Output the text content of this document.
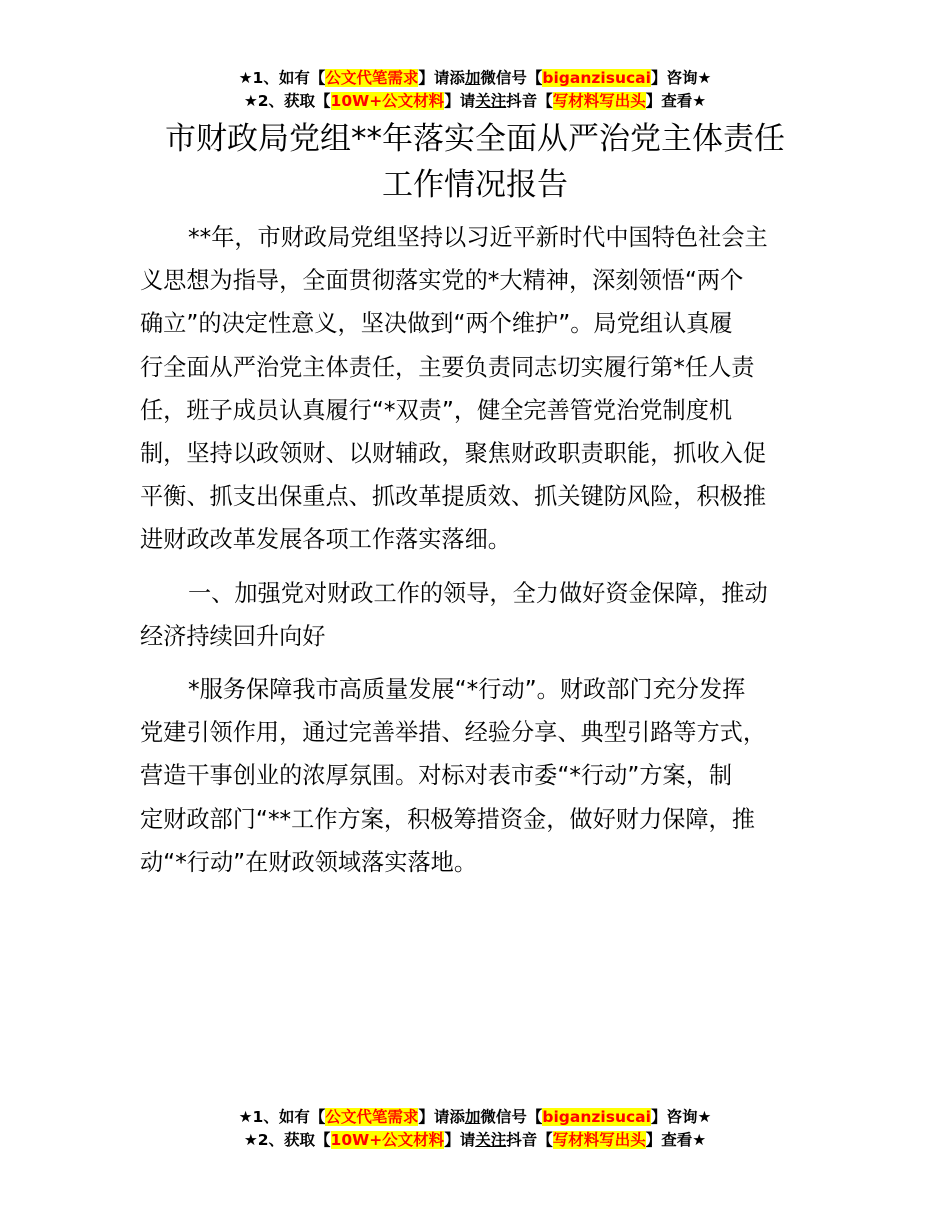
★1、如有【公文代笔需求】请添加微信号【biganzisucai】咨询★
★2、获取【10W+公文材料】请关注抖音【写材料写出头】查看★
市财政局党组**年落实全面从严治党主体责任
工作情况报告

**年，市财政局党组坚持以习近平新时代中国特色社会主
义思想为指导，全面贯彻落实党的*大精神，深刻领悟“两个
确立”的决定性意义，坚决做到“两个维护”。局党组认真履
行全面从严治党主体责任，主要负责同志切实履行第*任人责
任，班子成员认真履行“*双责”，健全完善管党治党制度机
制，坚持以政领财、以财辅政，聚焦财政职责职能，抓收入促
平衡、抓支出保重点、抓改革提质效、抓关键防风险，积极推
进财政改革发展各项工作落实落细。

一、加强党对财政工作的领导，全力做好资金保障，推动
经济持续回升向好

*服务保障我市高质量发展“*行动”。财政部门充分发挥
党建引领作用，通过完善举措、经验分享、典型引路等方式，
营造干事创业的浓厚氛围。对标对表市委“*行动”方案，制
定财政部门“**工作方案，积极筹措资金，做好财力保障，推
动“*行动”在财政领域落实落地。

★1、如有【公文代笔需求】请添加微信号【biganzisucai】咨询★
★2、获取【10W+公文材料】请关注抖音【写材料写出头】查看★
